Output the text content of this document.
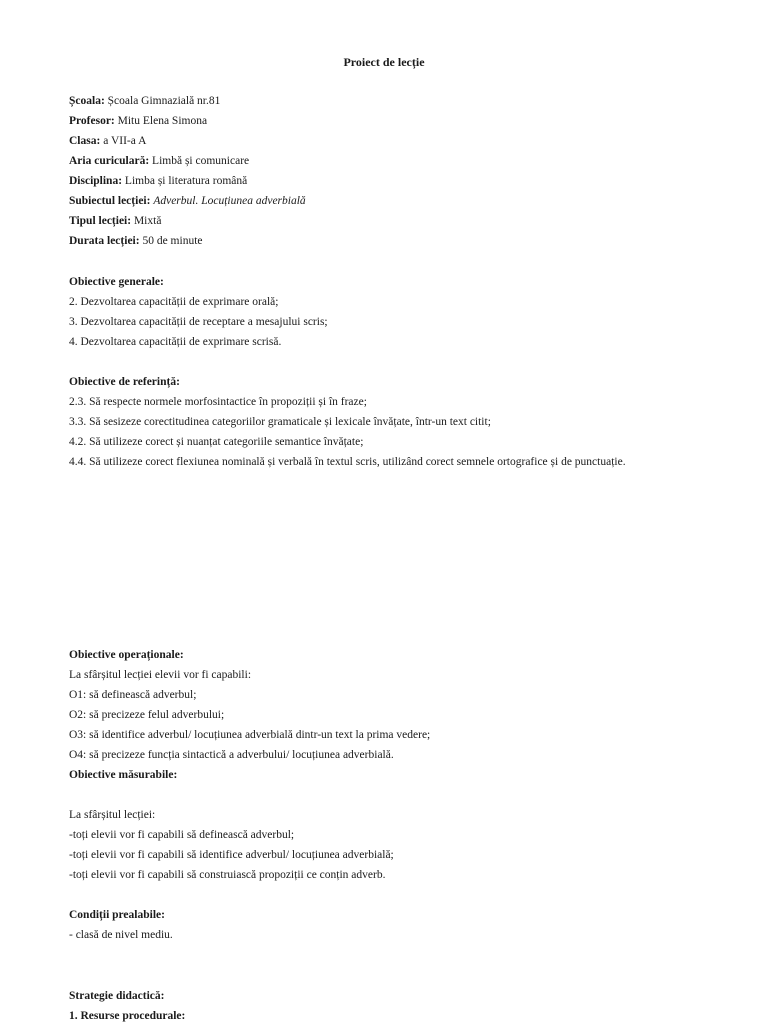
Proiect de lecție
Școala: Școala Gimnazială nr.81
Profesor: Mitu Elena Simona
Clasa: a VII-a A
Aria curiculară: Limbă și comunicare
Disciplina: Limba și literatura română
Subiectul lecției: Adverbul. Locuțiunea adverbială
Tipul lecției: Mixtă
Durata lecției: 50 de minute
Obiective generale:
2. Dezvoltarea capacității de exprimare orală;
3. Dezvoltarea capacității de receptare a mesajului scris;
4. Dezvoltarea capacității de exprimare scrisă.
Obiective de referință:
2.3. Să respecte normele morfosintactice în propoziții și în fraze;
3.3. Să sesizeze corectitudinea categoriilor gramaticale și lexicale învățate, într-un text citit;
4.2. Să utilizeze corect și nuanțat categoriile semantice învățate;
4.4. Să utilizeze corect flexiunea nominală și verbală în textul scris, utilizând corect semnele ortografice și de punctuație.
Obiective operaționale:
La sfârșitul lecției elevii vor fi capabili:
O1: să definească adverbul;
O2: să precizeze felul adverbului;
O3: să identifice adverbul/ locuțiunea adverbială dintr-un text la prima vedere;
O4: să precizeze funcția sintactică a adverbului/ locuțiunea adverbială.
Obiective măsurabile:
La sfârșitul lecției:
-toți elevii vor fi capabili să definească adverbul;
-toți elevii vor fi capabili să identifice adverbul/ locuțiunea adverbială;
-toți elevii vor fi capabili să construiască propoziții ce conțin adverb.
Condiții prealabile:
- clasă de nivel mediu.
Strategie didactică:
1. Resurse procedurale:
